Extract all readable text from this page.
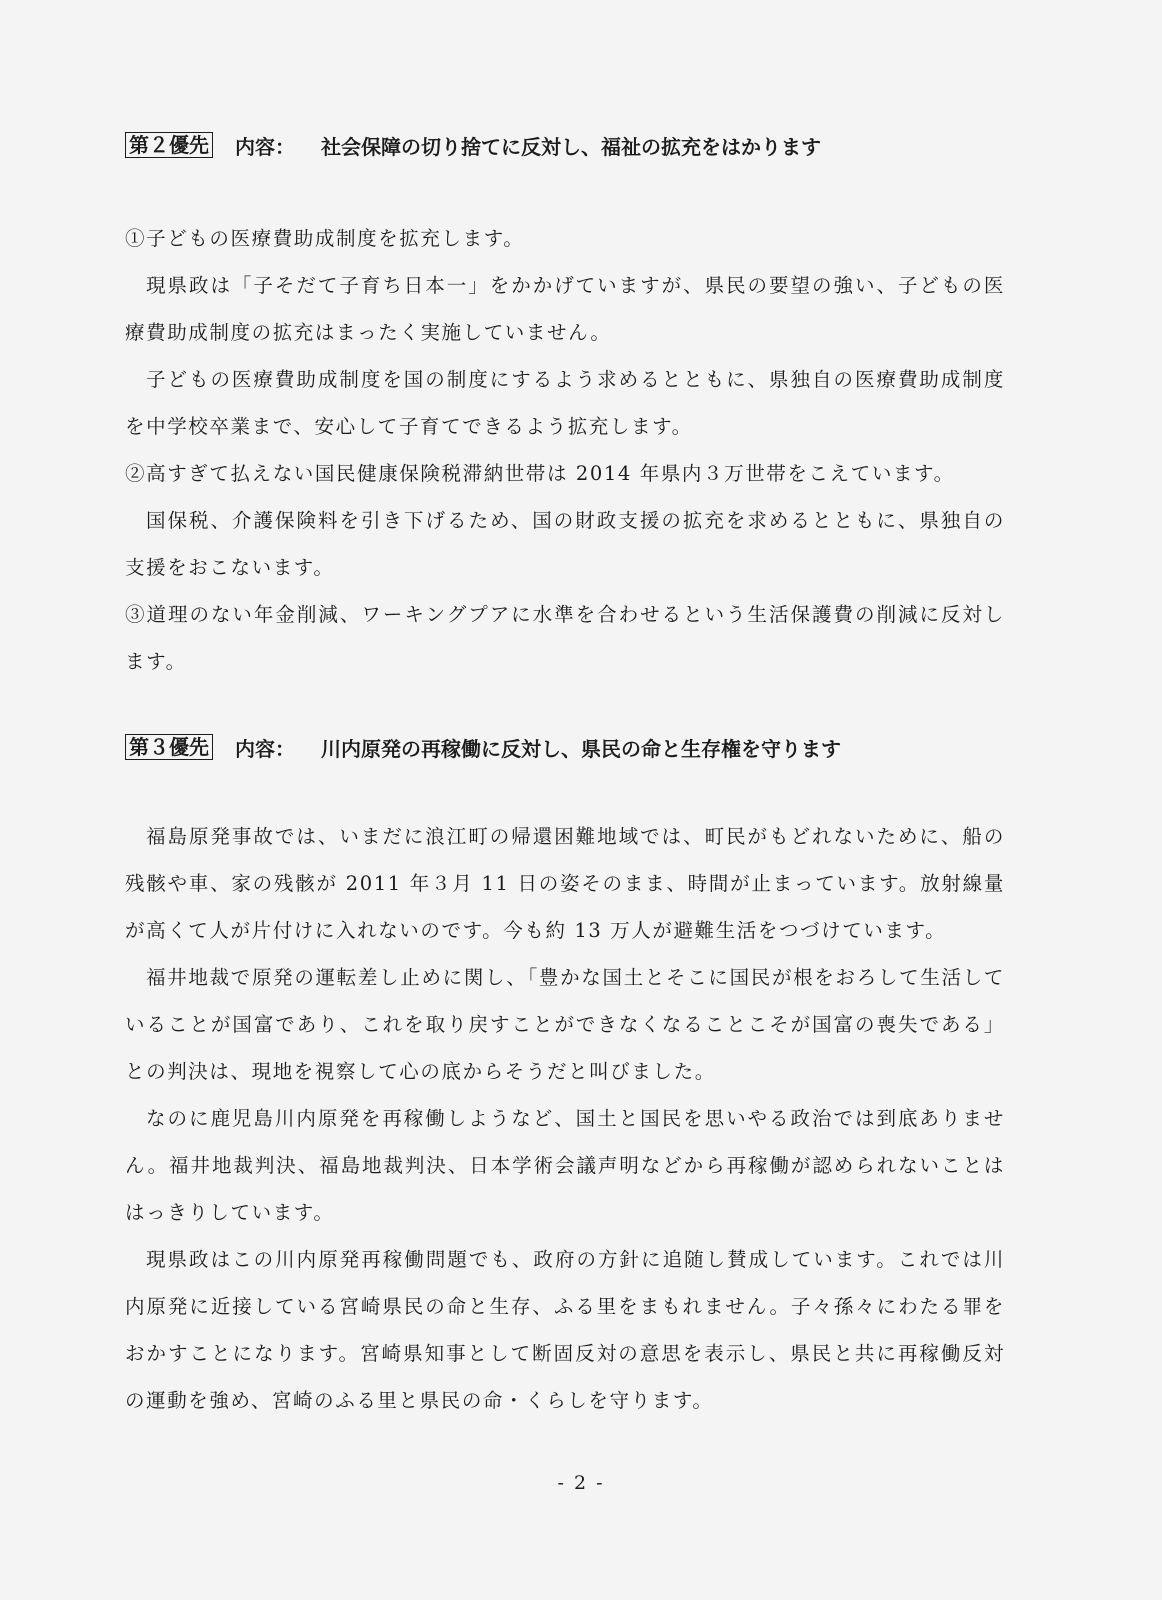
第２優先 内容： 社会保障の切り捨てに反対し、福祉の拡充をはかります

①子どもの医療費助成制度を拡充します。

現県政は「子そだて子育ち日本一」をかかげていますが、県民の要望の強い、子どもの医療費助成制度の拡充はまったく実施していません。

子どもの医療費助成制度を国の制度にするよう求めるとともに、県独自の医療費助成制度を中学校卒業まで、安心して子育てできるよう拡充します。

②高すぎて払えない国民健康保険税滞納世帯は 2014 年県内３万世帯をこえています。

国保税、介護保険料を引き下げるため、国の財政支援の拡充を求めるとともに、県独自の支援をおこないます。

③道理のない年金削減、ワーキングプアに水準を合わせるという生活保護費の削減に反対します。

第３優先 内容： 川内原発の再稼働に反対し、県民の命と生存権を守ります

福島原発事故では、いまだに浪江町の帰還困難地域では、町民がもどれないために、船の残骸や車、家の残骸が 2011 年３月 11 日の姿そのまま、時間が止まっています。放射線量が高くて人が片付けに入れないのです。今も約 13 万人が避難生活をつづけています。

福井地裁で原発の運転差し止めに関し、「豊かな国土とそこに国民が根をおろして生活していることが国富であり、これを取り戻すことができなくなることこそが国富の喪失である」との判決は、現地を視察して心の底からそうだと叫びました。

なのに鹿児島川内原発を再稼働しようなど、国土と国民を思いやる政治では到底ありません。福井地裁判決、福島地裁判決、日本学術会議声明などから再稼働が認められないことははっきりしています。

現県政はこの川内原発再稼働問題でも、政府の方針に追随し賛成しています。これでは川内原発に近接している宮崎県民の命と生存、ふる里をまもれません。子々孫々にわたる罪をおかすことになります。宮崎県知事として断固反対の意思を表示し、県民と共に再稼働反対の運動を強め、宮崎のふる里と県民の命・くらしを守ります。

- 2 -
